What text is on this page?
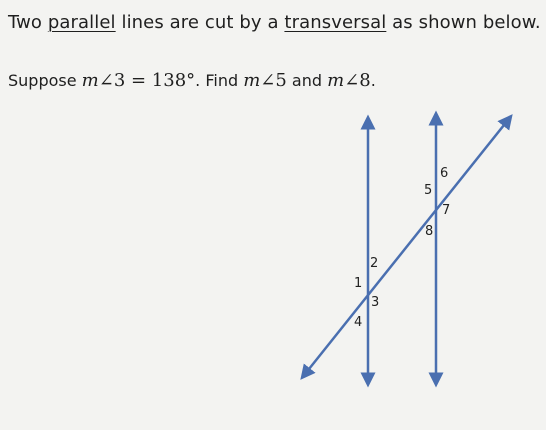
Two parallel lines are cut by a transversal as shown below.
Suppose m∠3 = 138°. Find m∠5 and m∠8.
2
1
3
4
6
5
7
8
